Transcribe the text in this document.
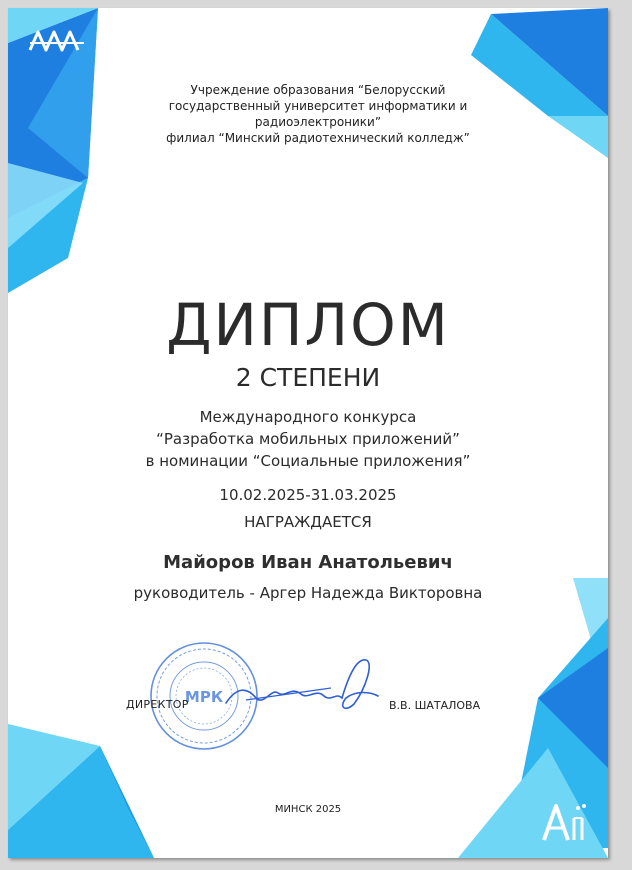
Учреждение образования “Белорусский
государственный университет информатики и
радиоэлектроники”
филиал “Минский радиотехнический колледж”
ДИПЛОМ
2 СТЕПЕНИ
Международного конкурса
“Разработка мобильных приложений”
в номинации “Социальные приложения”
10.02.2025-31.03.2025
НАГРАЖДАЕТСЯ
Майоров Иван Анатольевич
руководитель - Аргер Надежда Викторовна
МРК
ДИРЕКТОР	В.В. ШАТАЛОВА
МИНСК 2025
